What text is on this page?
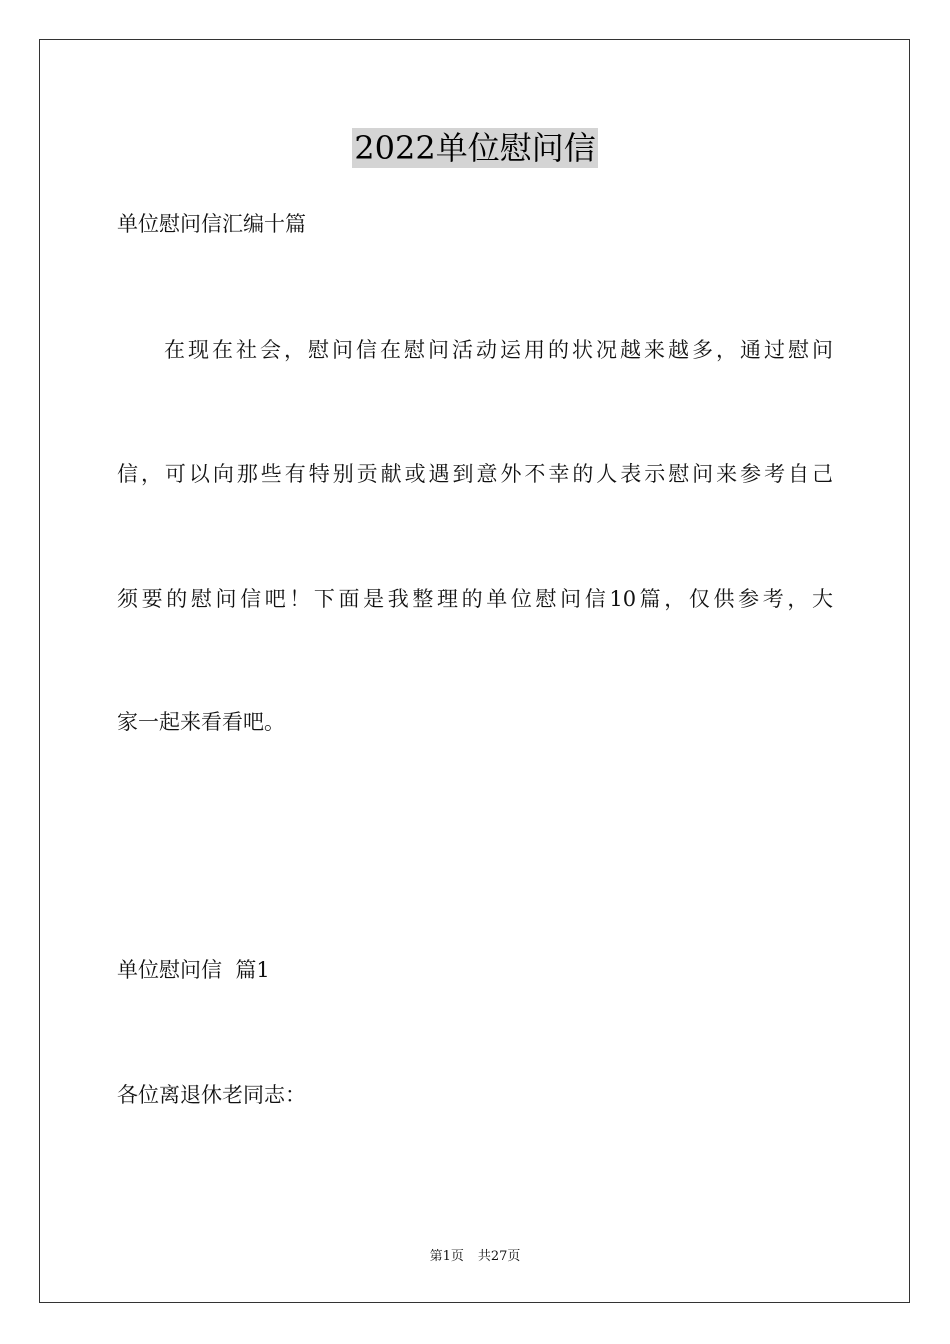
2022单位慰问信
单位慰问信汇编十篇
在现在社会，慰问信在慰问活动运用的状况越来越多，通过慰问
信，可以向那些有特别贡献或遇到意外不幸的人表示慰问来参考自己
须要的慰问信吧！下面是我整理的单位慰问信10篇，仅供参考，大
家一起来看看吧。
单位慰问信  篇1
各位离退休老同志：
第1页 共27页
